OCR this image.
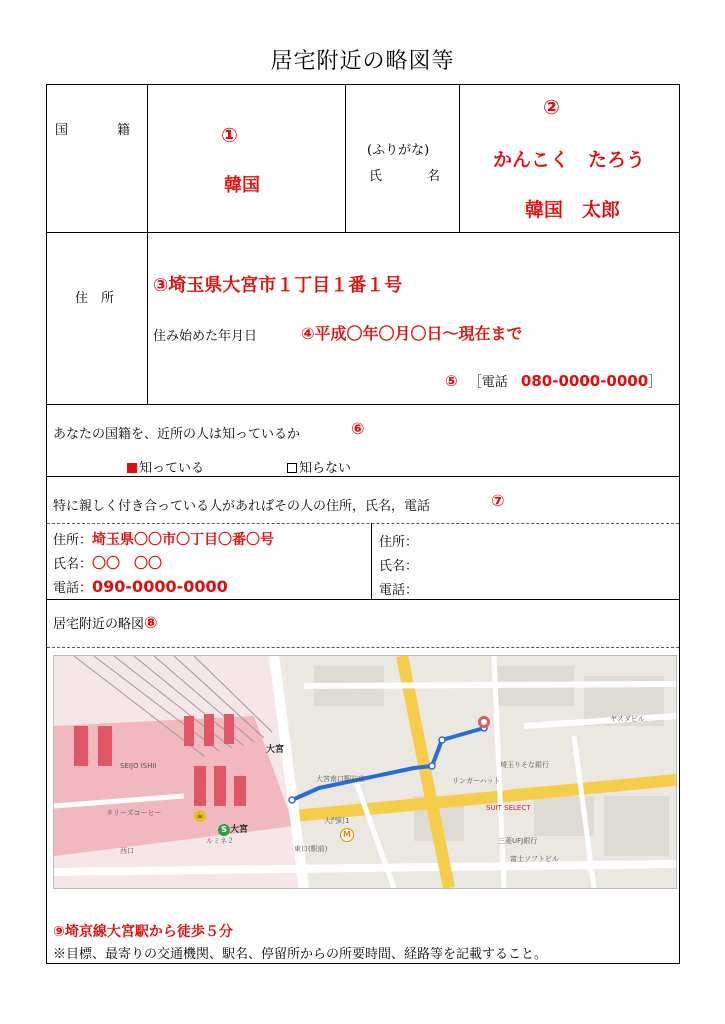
居宅附近の略図等
国	籍	①
韓国
(ふりがな)
氏	名
②
かんこく　たろう
韓国　太郎
住　所
③埼玉県大宮市１丁目１番１号
住み始めた年月日	④平成〇年〇月〇日～現在まで
⑤ ［電話 080-0000-0000］
あなたの国籍を、近所の人は知っているか	⑥
知っている	知らない
特に親しく付き合っている人があればその人の住所，氏名，電話	⑦
住所：埼玉県〇〇市〇丁目〇番〇号
氏名：〇〇　〇〇
電話：090-0000-0000
住所：
氏名：
電話：
居宅附近の略図⑧
大宮
大宮
ルミネ２
タリーズコーヒー
SEIJO ISHII	埼玉りそな銀行
SUIT SELECT
三菱UFJ銀行
富士ソフトビル
大門町1
リンガーハット
ヤスダビル
大宮南口駅前店
西口	東口(駅前)
☕
S
M
●
⑨埼京線大宮駅から徒歩５分
※目標、最寄りの交通機関、駅名、停留所からの所要時間、経路等を記載すること。
